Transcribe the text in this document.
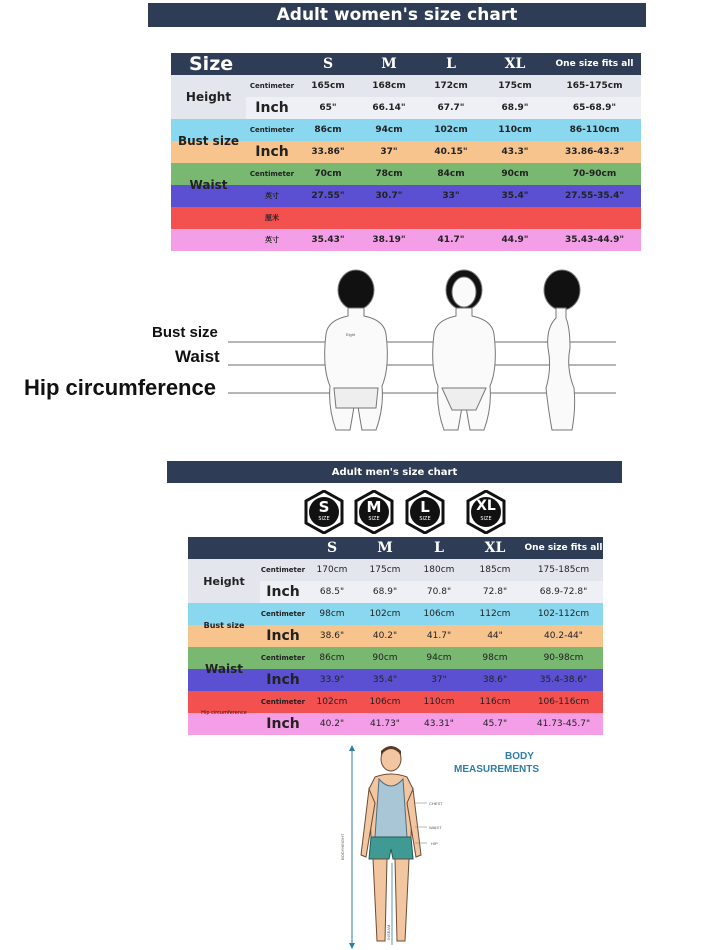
Adult women's size chart
Size		S	M	L	XL	One size fits all
Height	Centimeter	165cm	168cm	172cm	175cm	165-175cm
	Inch	65"	66.14"	67.7"	68.9"	65-68.9"
Bust size	Centimeter	86cm	94cm	102cm	110cm	86-110cm
	Inch	33.86"	37"	40.15"	43.3"	33.86-43.3"
Waist	Centimeter	70cm	78cm	84cm	90cm	70-90cm
	英寸	27.55"	30.7"	33"	35.4"	27.55-35.4"
	厘米					
	英寸	35.43"	38.19"	41.7"	44.9"	35.43-44.9"
Bust size
Waist
Hip circumference
Eight
Adult men's size chart
S
SIZE
M
SIZE
L
SIZE
XL
SIZE
		S	M	L	XL	One size fits all
Height	Centimeter	170cm	175cm	180cm	185cm	175-185cm
	Inch	68.5"	68.9"	70.8"	72.8"	68.9-72.8"
Bust size	Centimeter	98cm	102cm	106cm	112cm	102-112cm
	Inch	38.6"	40.2"	41.7"	44"	40.2-44"
Waist	Centimeter	86cm	90cm	94cm	98cm	90-98cm
	Inch	33.9"	35.4"	37"	38.6"	35.4-38.6"
Hip circumference	Centimeter	102cm	106cm	110cm	116cm	106-116cm
	Inch	40.2"	41.73"	43.31"	45.7"	41.73-45.7"
BODY
MEASUREMENTS
CHEST
WAIST
HIP
BODYHEIGHT
INSEAM
